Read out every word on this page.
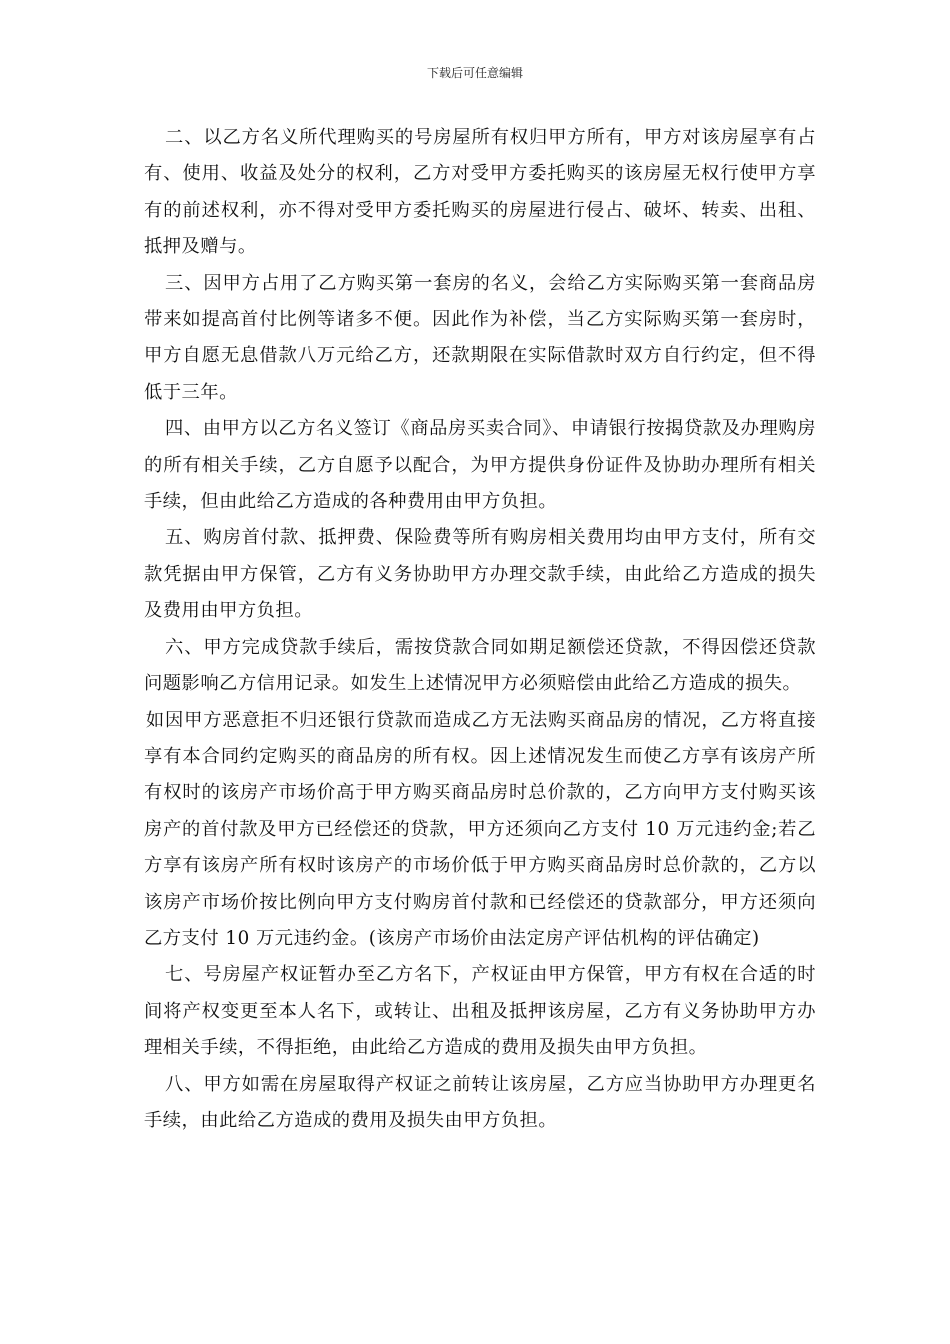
下载后可任意编辑

二、以乙方名义所代理购买的号房屋所有权归甲方所有，甲方对该房屋享有占有、使用、收益及处分的权利，乙方对受甲方委托购买的该房屋无权行使甲方享有的前述权利，亦不得对受甲方委托购买的房屋进行侵占、破坏、转卖、出租、抵押及赠与。

三、因甲方占用了乙方购买第一套房的名义，会给乙方实际购买第一套商品房带来如提高首付比例等诸多不便。因此作为补偿，当乙方实际购买第一套房时，甲方自愿无息借款八万元给乙方，还款期限在实际借款时双方自行约定，但不得低于三年。

四、由甲方以乙方名义签订《商品房买卖合同》、申请银行按揭贷款及办理购房的所有相关手续，乙方自愿予以配合，为甲方提供身份证件及协助办理所有相关手续，但由此给乙方造成的各种费用由甲方负担。

五、购房首付款、抵押费、保险费等所有购房相关费用均由甲方支付，所有交款凭据由甲方保管，乙方有义务协助甲方办理交款手续，由此给乙方造成的损失及费用由甲方负担。

六、甲方完成贷款手续后，需按贷款合同如期足额偿还贷款，不得因偿还贷款问题影响乙方信用记录。如发生上述情况甲方必须赔偿由此给乙方造成的损失。

如因甲方恶意拒不归还银行贷款而造成乙方无法购买商品房的情况，乙方将直接享有本合同约定购买的商品房的所有权。因上述情况发生而使乙方享有该房产所有权时的该房产市场价高于甲方购买商品房时总价款的，乙方向甲方支付购买该房产的首付款及甲方已经偿还的贷款，甲方还须向乙方支付 10 万元违约金;若乙方享有该房产所有权时该房产的市场价低于甲方购买商品房时总价款的，乙方以该房产市场价按比例向甲方支付购房首付款和已经偿还的贷款部分，甲方还须向乙方支付 10 万元违约金。(该房产市场价由法定房产评估机构的评估确定)

七、号房屋产权证暂办至乙方名下，产权证由甲方保管，甲方有权在合适的时间将产权变更至本人名下，或转让、出租及抵押该房屋，乙方有义务协助甲方办理相关手续，不得拒绝，由此给乙方造成的费用及损失由甲方负担。

八、甲方如需在房屋取得产权证之前转让该房屋，乙方应当协助甲方办理更名手续，由此给乙方造成的费用及损失由甲方负担。
